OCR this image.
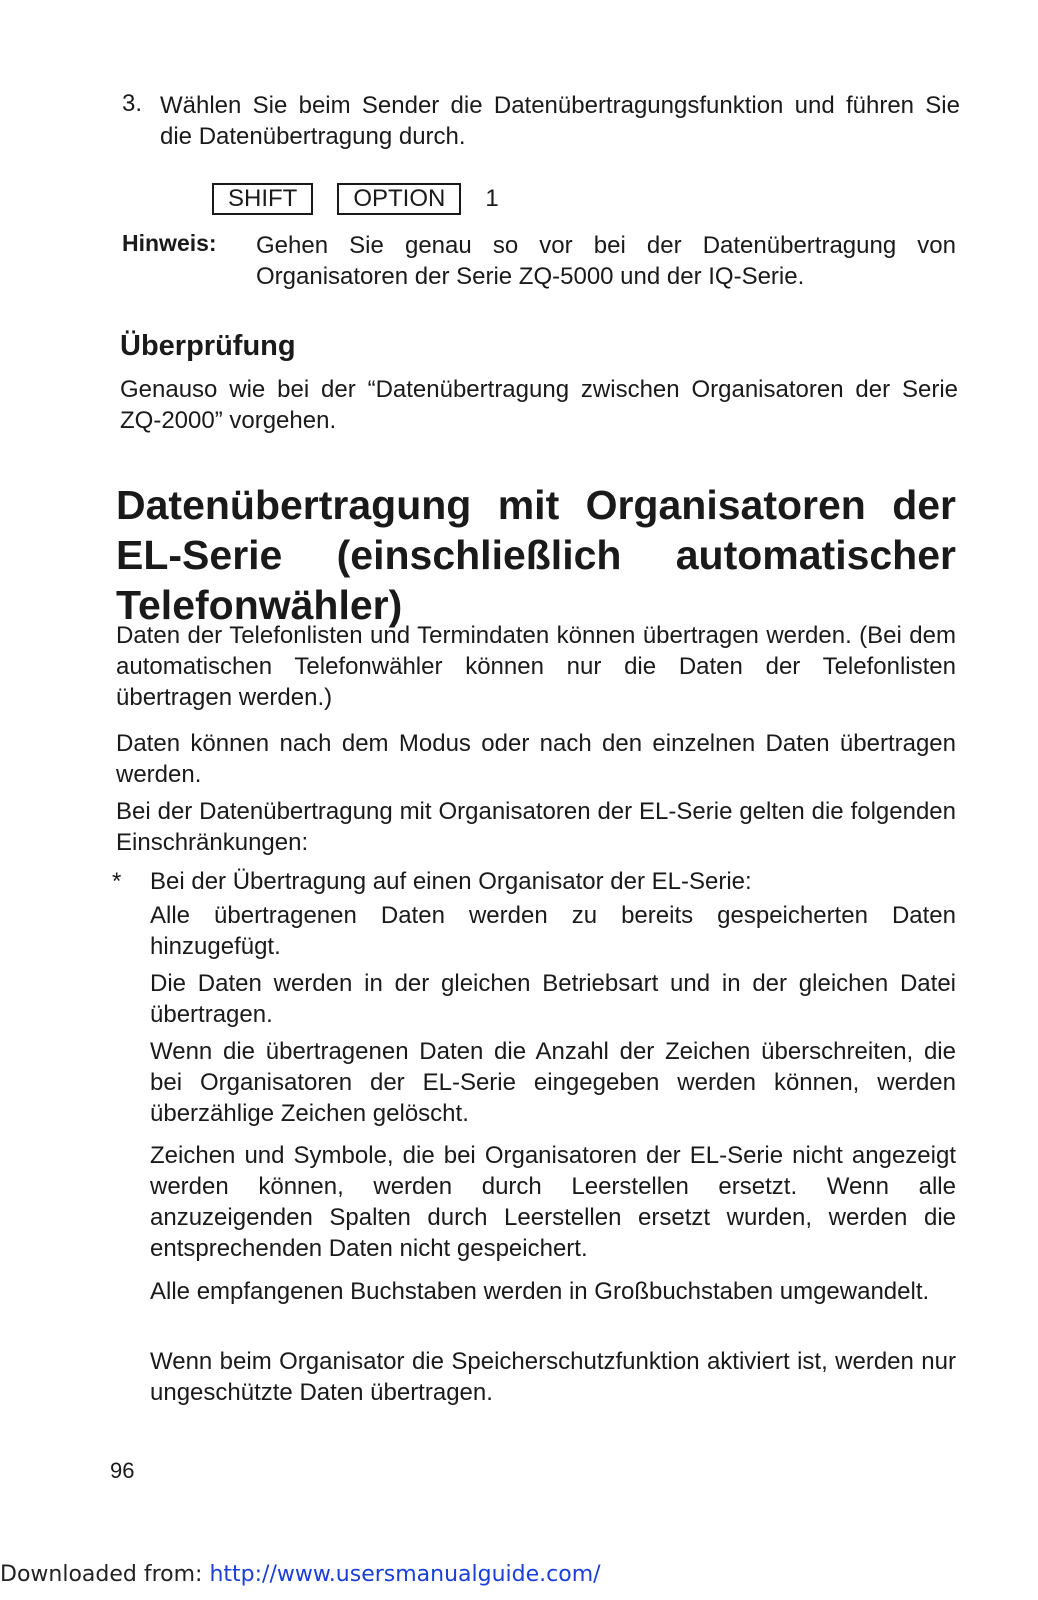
3. Wählen Sie beim Sender die Datenübertragungsfunktion und führen Sie die Datenübertragung durch.
SHIFT	OPTION	1
Hinweis: Gehen Sie genau so vor bei der Datenübertragung von Organisatoren der Serie ZQ-5000 und der IQ-Serie.
Überprüfung
Genauso wie bei der “Datenübertragung zwischen Organisatoren der Serie ZQ-2000” vorgehen.
Datenübertragung mit Organisatoren der EL-Serie (einschließlich automatischer Telefonwähler)
Daten der Telefonlisten und Termindaten können übertragen werden. (Bei dem automatischen Telefonwähler können nur die Daten der Telefonlisten übertragen werden.)
Daten können nach dem Modus oder nach den einzelnen Daten übertragen werden.
Bei der Datenübertragung mit Organisatoren der EL-Serie gelten die folgenden Einschränkungen:
* Bei der Übertragung auf einen Organisator der EL-Serie:
Alle übertragenen Daten werden zu bereits gespeicherten Daten hinzugefügt.
Die Daten werden in der gleichen Betriebsart und in der gleichen Datei übertragen.
Wenn die übertragenen Daten die Anzahl der Zeichen überschreiten, die bei Organisatoren der EL-Serie eingegeben werden können, werden überzählige Zeichen gelöscht.
Zeichen und Symbole, die bei Organisatoren der EL-Serie nicht angezeigt werden können, werden durch Leerstellen ersetzt. Wenn alle anzuzeigenden Spalten durch Leerstellen ersetzt wurden, werden die entsprechenden Daten nicht gespeichert.
Alle empfangenen Buchstaben werden in Großbuchstaben umgewandelt.
Wenn beim Organisator die Speicherschutzfunktion aktiviert ist, werden nur ungeschützte Daten übertragen.
96
Downloaded from: http://www.usersmanualguide.com/
